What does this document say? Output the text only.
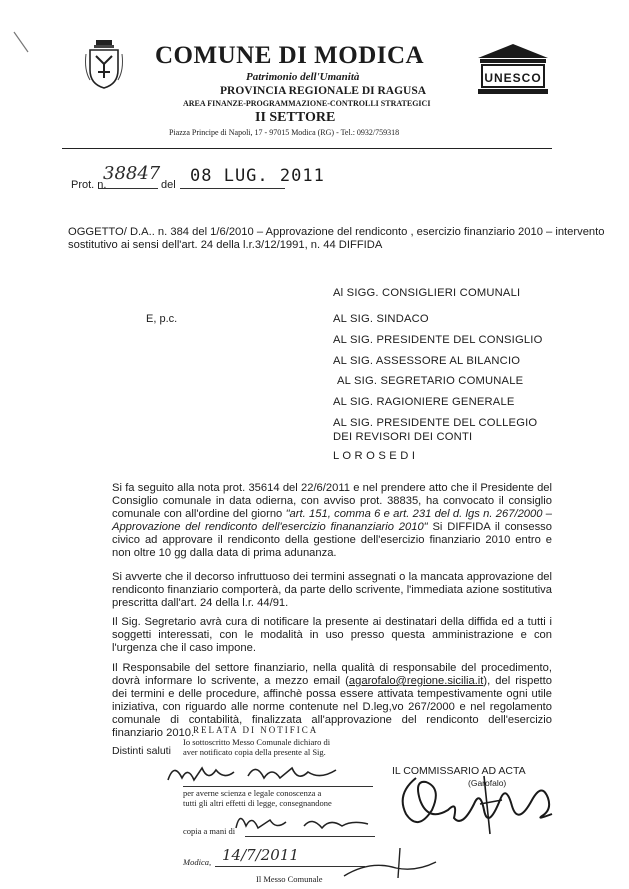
UNESCO
COMUNE DI MODICA
Patrimonio dell'Umanità
PROVINCIA REGIONALE DI RAGUSA
AREA FINANZE-PROGRAMMAZIONE-CONTROLLI STRATEGICI
II SETTORE
Piazza Principe di Napoli, 17 - 97015 Modica (RG) - Tel.: 0932/759318
Prot. n.
38847
del 08 LUG. 2011
OGGETTO/ D.A.. n. 384 del 1/6/2010 – Approvazione del rendiconto , esercizio finanziario 2010 – intervento sostitutivo ai sensi dell'art. 24 della l.r.3/12/1991, n. 44 DIFFIDA
Al SIGG. CONSIGLIERI COMUNALI
E, p.c.	AL SIG. SINDACO
AL SIG. PRESIDENTE DEL CONSIGLIO
AL SIG. ASSESSORE AL BILANCIO
AL SIG. SEGRETARIO COMUNALE
AL SIG. RAGIONIERE GENERALE
AL SIG. PRESIDENTE DEL COLLEGIO
DEI REVISORI DEI CONTI
L O R O S E D I
Si fa seguito alla nota prot. 35614 del 22/6/2011 e nel prendere atto che il Presidente del Consiglio comunale in data odierna, con avviso prot. 38835, ha convocato il consiglio comunale con all'ordine del giorno "art. 151, comma 6 e art. 231 del d. lgs n. 267/2000 – Approvazione del rendiconto dell'esercizio finananziario 2010" Si DIFFIDA il consesso civico ad approvare il rendiconto della gestione dell'esercizio finanziario 2010 entro e non oltre 10 gg dalla data di prima adunanza.
Si avverte che il decorso infruttuoso dei termini assegnati o la mancata approvazione del rendiconto finanziario comporterà, da parte dello scrivente, l'immediata azione sostitutiva prescritta dall'art. 24 della l.r. 44/91.
Il Sig. Segretario avrà cura di notificare la presente ai destinatari della diffida ed a tutti i soggetti interessati, con le modalità in uso presso questa amministrazione e con l'urgenza che il caso impone.
Il Responsabile del settore finanziario, nella qualità di responsabile del procedimento, dovrà informare lo scrivente, a mezzo email (agarofalo@regione.sicilia.it), del rispetto dei termini e delle procedure, affinchè possa essere attivata tempestivamente ogni utile iniziativa, con riguardo alle norme contenute nel D.leg,vo 267/2000 e nel regolamento comunale di contabilità, finalizzata all'approvazione del rendiconto dell'esercizio finanziario 2010.
RELATA DI NOTIFICA
Distinti saluti
Io sottoscritto Messo Comunale dichiaro di
aver notificato copia della presente al Sig.
per averne scienza e legale conoscenza a
tutti gli altri effetti di legge, consegnandone
copia a mani di
Modica, 14/7/2011
Il Messo Comunale
IL COMMISSARIO AD ACTA
(Garofalo)
